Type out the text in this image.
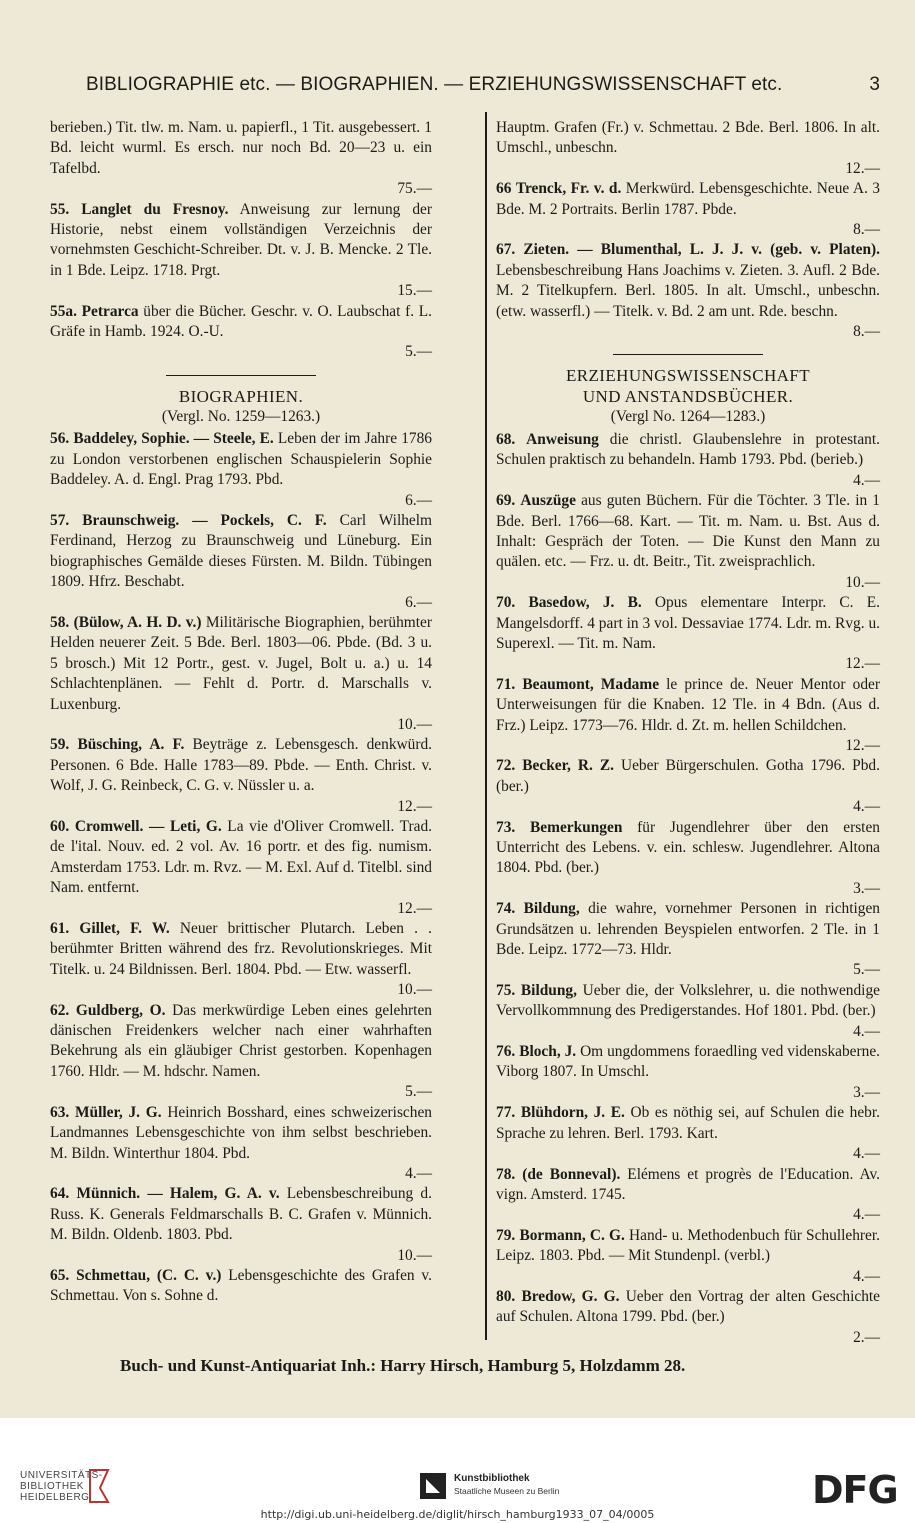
BIBLIOGRAPHIE etc. — BIOGRAPHIEN. — ERZIEHUNGSWISSENSCHAFT etc.	3

berieben.) Tit. tlw. m. Nam. u. papierfl., 1 Tit. ausgebessert. 1 Bd. leicht wurml. Es ersch. nur noch Bd. 20—23 u. ein Tafelbd.
75.—

55. Langlet du Fresnoy. Anweisung zur lernung der Historie, nebst einem vollständigen Verzeichnis der vornehmsten Geschicht-Schreiber. Dt. v. J. B. Mencke. 2 Tle. in 1 Bde. Leipz. 1718. Prgt.
15.—

55a. Petrarca über die Bücher. Geschr. v. O. Laubschat f. L. Gräfe in Hamb. 1924. O.-U.
5.—

BIOGRAPHIEN.

(Vergl. No. 1259—1263.)

56. Baddeley, Sophie. — Steele, E. Leben der im Jahre 1786 zu London verstorbenen englischen Schauspielerin Sophie Baddeley. A. d. Engl. Prag 1793. Pbd.
6.—

57. Braunschweig. — Pockels, C. F. Carl Wilhelm Ferdinand, Herzog zu Braunschweig und Lüneburg. Ein biographisches Gemälde dieses Fürsten. M. Bildn. Tübingen 1809. Hfrz. Beschabt.
6.—

58. (Bülow, A. H. D. v.) Militärische Biographien, berühmter Helden neuerer Zeit. 5 Bde. Berl. 1803—06. Pbde. (Bd. 3 u. 5 brosch.) Mit 12 Portr., gest. v. Jugel, Bolt u. a.) u. 14 Schlachtenplänen. — Fehlt d. Portr. d. Marschalls v. Luxenburg.
10.—

59. Büsching, A. F. Beyträge z. Lebensgesch. denkwürd. Personen. 6 Bde. Halle 1783—89. Pbde. — Enth. Christ. v. Wolf, J. G. Reinbeck, C. G. v. Nüssler u. a.
12.—

60. Cromwell. — Leti, G. La vie d'Oliver Cromwell. Trad. de l'ital. Nouv. ed. 2 vol. Av. 16 portr. et des fig. numism. Amsterdam 1753. Ldr. m. Rvz. — M. Exl. Auf d. Titelbl. sind Nam. entfernt.
12.—

61. Gillet, F. W. Neuer brittischer Plutarch. Leben . . berühmter Britten während des frz. Revolutionskrieges. Mit Titelk. u. 24 Bildnissen. Berl. 1804. Pbd. — Etw. wasserfl.
10.—

62. Guldberg, O. Das merkwürdige Leben eines gelehrten dänischen Freidenkers welcher nach einer wahrhaften Bekehrung als ein gläubiger Christ gestorben. Kopenhagen 1760. Hldr. — M. hdschr. Namen.
5.—

63. Müller, J. G. Heinrich Bosshard, eines schweizerischen Landmannes Lebensgeschichte von ihm selbst beschrieben. M. Bildn. Winterthur 1804. Pbd.
4.—

64. Münnich. — Halem, G. A. v. Lebensbeschreibung d. Russ. K. Generals Feldmarschalls B. C. Grafen v. Münnich. M. Bildn. Oldenb. 1803. Pbd.
10.—

65. Schmettau, (C. C. v.) Lebensgeschichte des Grafen v. Schmettau. Von s. Sohne d.

Hauptm. Grafen (Fr.) v. Schmettau. 2 Bde. Berl. 1806. In alt. Umschl., unbeschn.
12.—

66 Trenck, Fr. v. d. Merkwürd. Lebensgeschichte. Neue A. 3 Bde. M. 2 Portraits. Berlin 1787. Pbde.
8.—

67. Zieten. — Blumenthal, L. J. J. v. (geb. v. Platen). Lebensbeschreibung Hans Joachims v. Zieten. 3. Aufl. 2 Bde. M. 2 Titelkupfern. Berl. 1805. In alt. Umschl., unbeschn. (etw. wasserfl.) — Titelk. v. Bd. 2 am unt. Rde. beschn.
8.—

ERZIEHUNGSWISSENSCHAFT

UND ANSTANDSBÜCHER.

(Vergl No. 1264—1283.)

68. Anweisung die christl. Glaubenslehre in protestant. Schulen praktisch zu behandeln. Hamb 1793. Pbd. (berieb.)
4.—

69. Auszüge aus guten Büchern. Für die Töchter. 3 Tle. in 1 Bde. Berl. 1766—68. Kart. — Tit. m. Nam. u. Bst. Aus d. Inhalt: Gespräch der Toten. — Die Kunst den Mann zu quälen. etc. — Frz. u. dt. Beitr., Tit. zweisprachlich.
10.—

70. Basedow, J. B. Opus elementare Interpr. C. E. Mangelsdorff. 4 part in 3 vol. Dessaviae 1774. Ldr. m. Rvg. u. Superexl. — Tit. m. Nam.
12.—

71. Beaumont, Madame le prince de. Neuer Mentor oder Unterweisungen für die Knaben. 12 Tle. in 4 Bdn. (Aus d. Frz.) Leipz. 1773—76. Hldr. d. Zt. m. hellen Schildchen.
12.—

72. Becker, R. Z. Ueber Bürgerschulen. Gotha 1796. Pbd. (ber.)
4.—

73. Bemerkungen für Jugendlehrer über den ersten Unterricht des Lebens. v. ein. schlesw. Jugendlehrer. Altona 1804. Pbd. (ber.)
3.—

74. Bildung, die wahre, vornehmer Personen in richtigen Grundsätzen u. lehrenden Beyspielen entworfen. 2 Tle. in 1 Bde. Leipz. 1772—73. Hldr.
5.—

75. Bildung, Ueber die, der Volkslehrer, u. die nothwendige Vervollkommnung des Predigerstandes. Hof 1801. Pbd. (ber.)
4.—

76. Bloch, J. Om ungdommens foraedling ved videnskaberne. Viborg 1807. In Umschl.
3.—

77. Blühdorn, J. E. Ob es nöthig sei, auf Schulen die hebr. Sprache zu lehren. Berl. 1793. Kart.
4.—

78. (de Bonneval). Elémens et progrès de l'Education. Av. vign. Amsterd. 1745.
4.—

79. Bormann, C. G. Hand- u. Methodenbuch für Schullehrer. Leipz. 1803. Pbd. — Mit Stundenpl. (verbl.)
4.—

80. Bredow, G. G. Ueber den Vortrag der alten Geschichte auf Schulen. Altona 1799. Pbd. (ber.)
2.—

Buch- und Kunst-Antiquariat Inh.: Harry Hirsch, Hamburg 5, Holzdamm 28.
UNIVERSITÄTS-
BIBLIOTHEK
HEIDELBERG
Kunstbibliothek
Staatliche Museen zu Berlin	DFG
http://digi.ub.uni-heidelberg.de/diglit/hirsch_hamburg1933_07_04/0005
